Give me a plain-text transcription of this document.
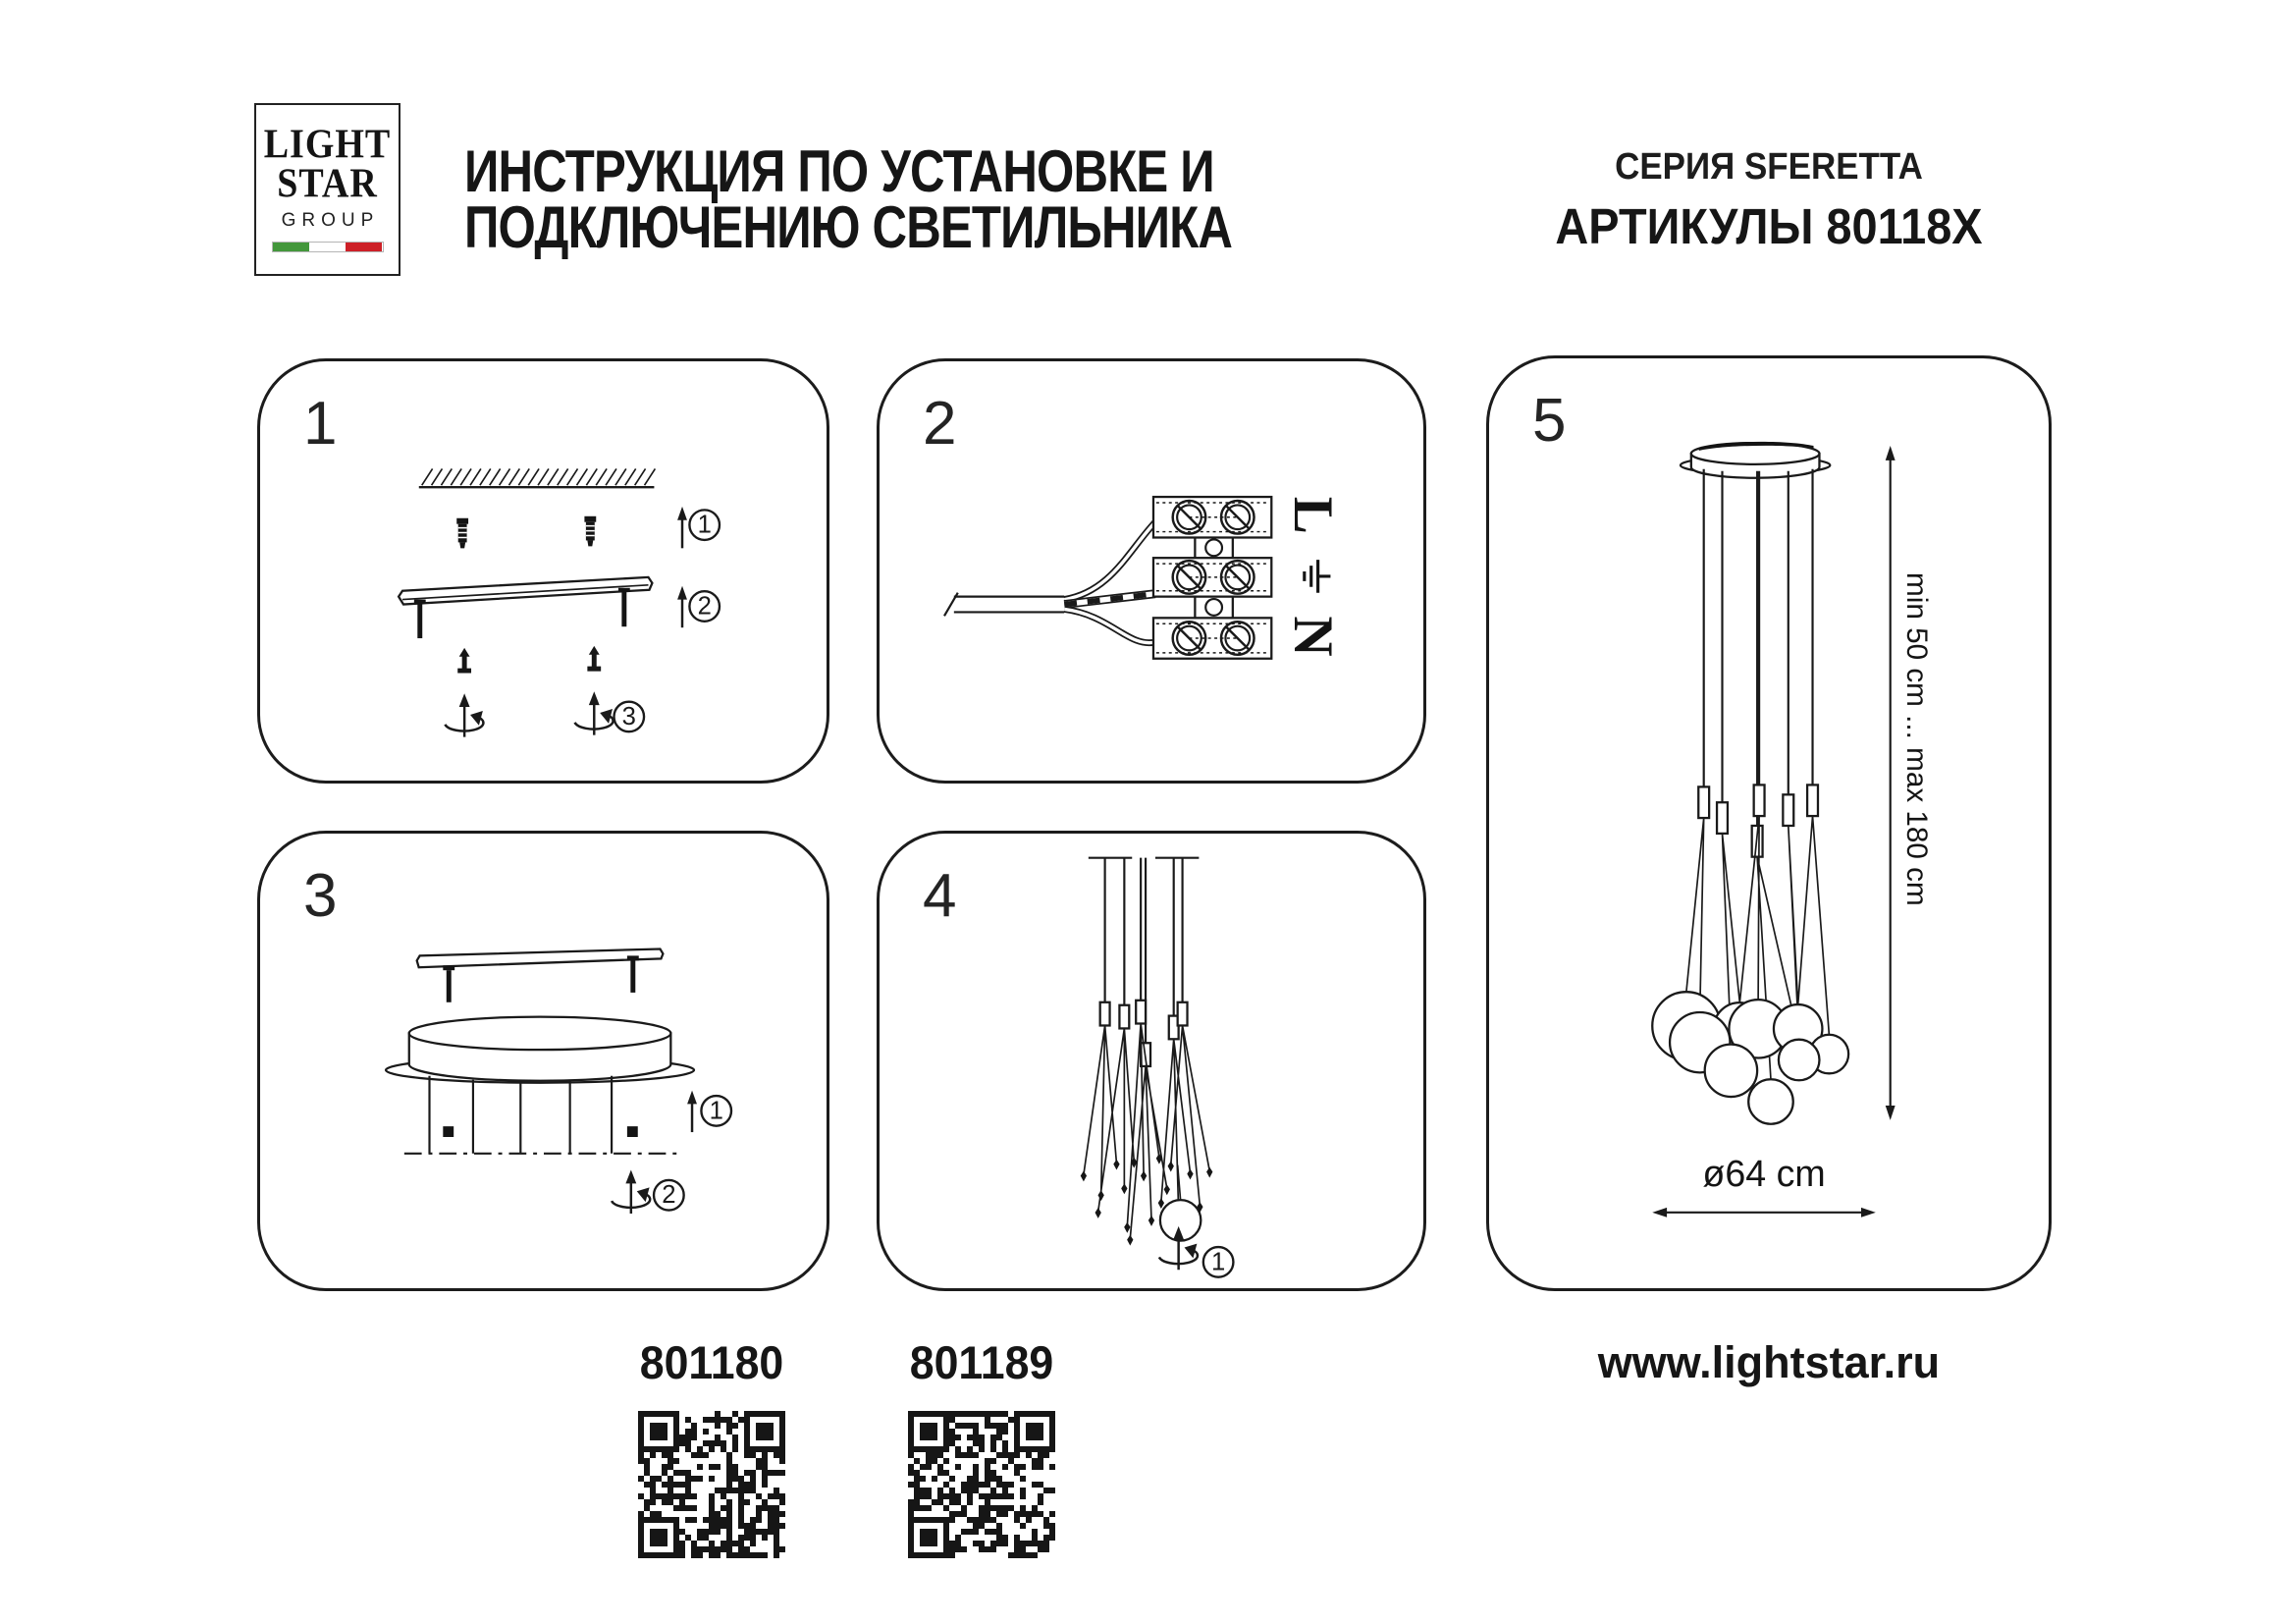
LIGHT
STAR
GROUP
ИНСТРУКЦИЯ ПО УСТАНОВКЕ И
ПОДКЛЮЧЕНИЮ СВЕТИЛЬНИКА
СЕРИЯ SFERETTA
АРТИКУЛЫ 80118X
1
2
3
1
L
N
2
1
2
3
1
4	min 50 cm ... max 180 cm
ø64 cm
5
801180	801189	www.lightstar.ru
